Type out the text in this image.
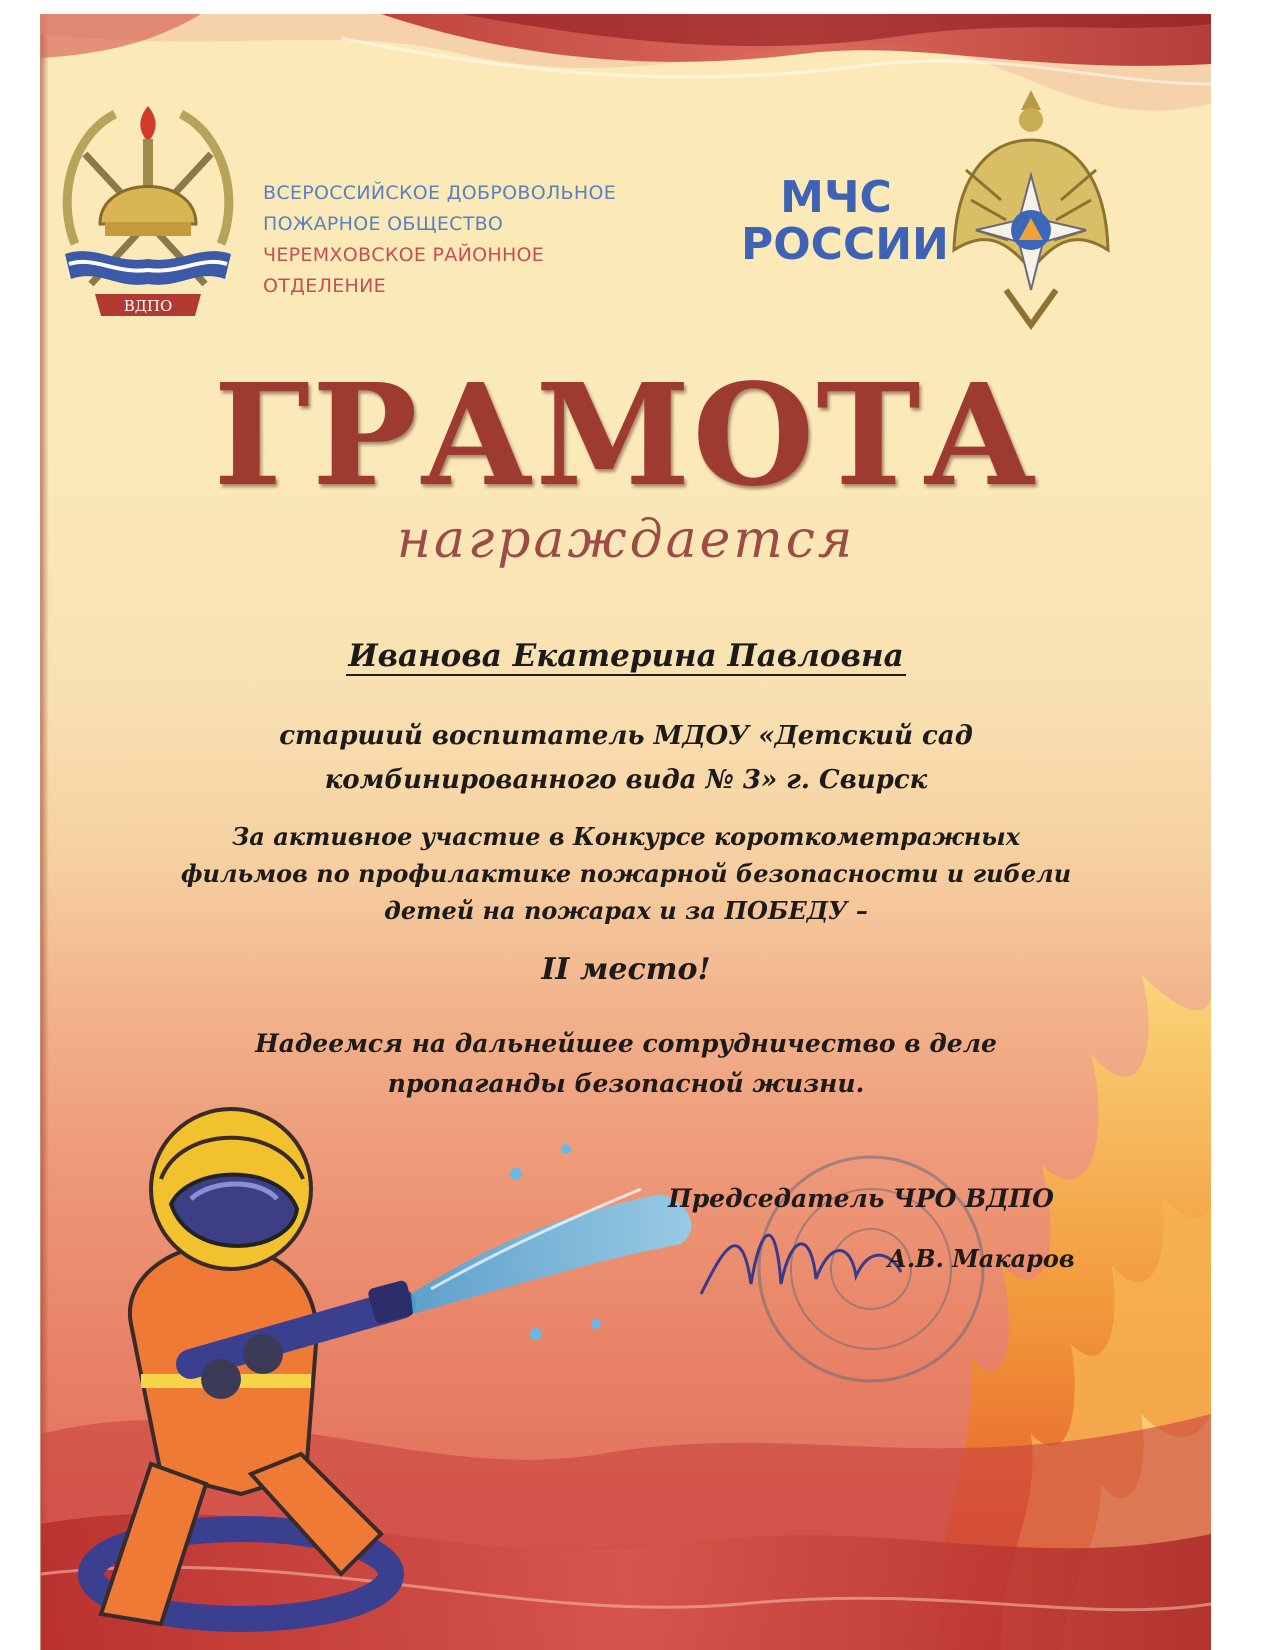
ВДПО
ВСЕРОССИЙСКОЕ ДОБРОВОЛЬНОЕ
ПОЖАРНОЕ ОБЩЕСТВО
ЧЕРЕМХОВСКОЕ РАЙОННОЕ
ОТДЕЛЕНИЕ
МЧС
РОССИИ
ГРАМОТА
награждается
Иванова Екатерина Павловна
старший воспитатель МДОУ «Детский сад
комбинированного вида № 3» г. Свирск
За активное участие в Конкурсе короткометражных
фильмов по профилактике пожарной безопасности и гибели
детей на пожарах и за ПОБЕДУ –
II место!
Надеемся на дальнейшее сотрудничество в деле
пропаганды безопасной жизни.
Председатель ЧРО ВДПО
А.В. Макаров
